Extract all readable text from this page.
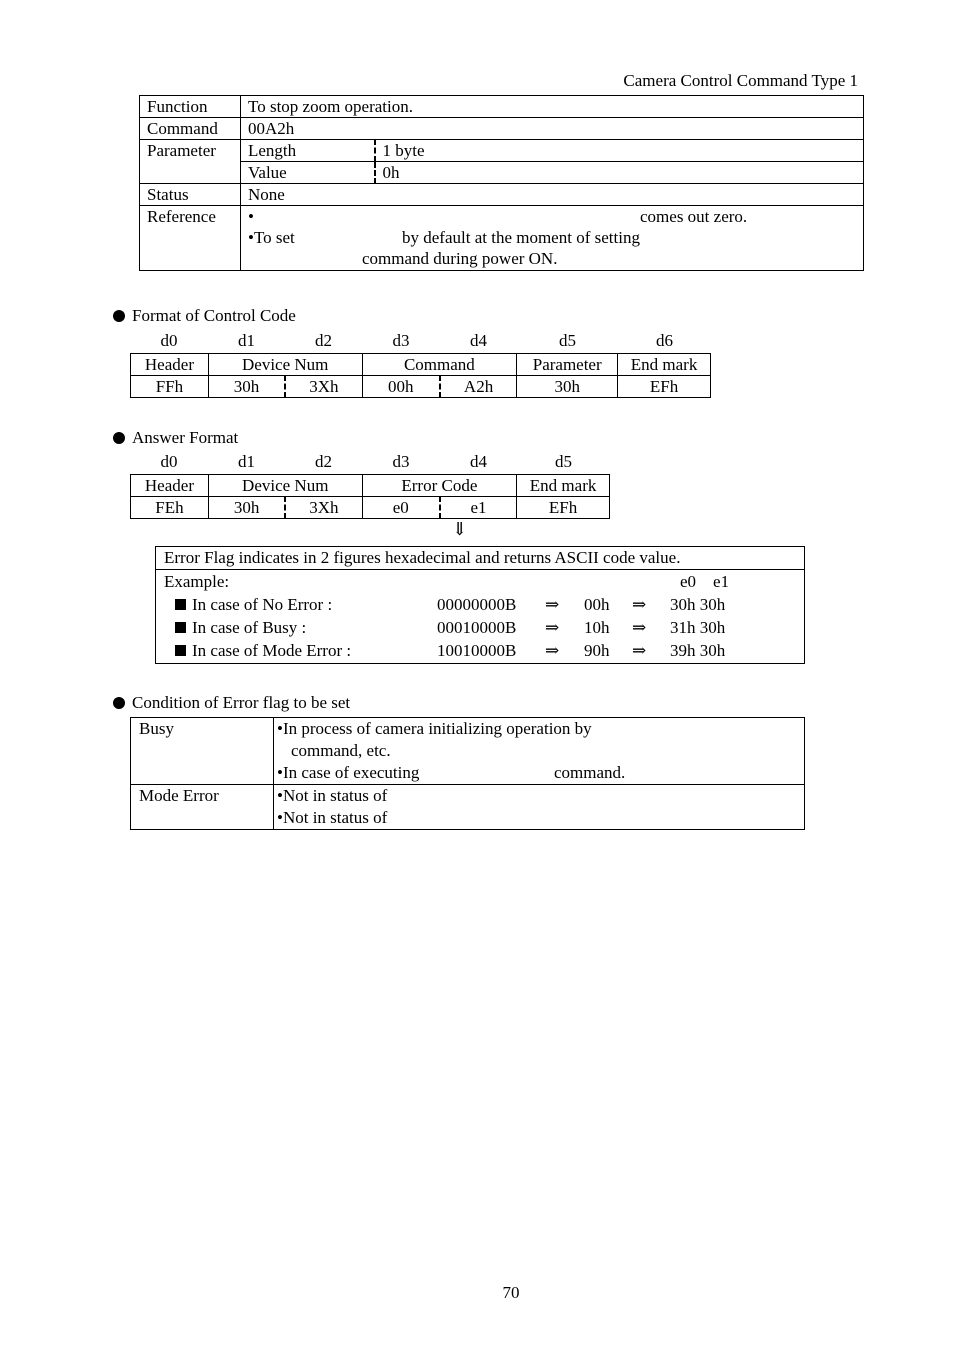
Camera Control Command Type 1
Function	To stop zoom operation.	
Command	00A2h	
Parameter	Length	1 byte
	Value	0h
Status	None	
Reference	• comes out zero.
•To set by default at the moment of setting
command during power ON.	
Format of Control Code
d0	d1	d2	d3	d4	d5	d6
Header	Device Num		Command		Parameter	End mark
FFh	30h	3Xh	00h	A2h	30h	EFh
Answer Format
d0	d1	d2	d3	d4	d5
Header	Device Num		Error Code		End mark
FEh	30h	3Xh	e0	e1	EFh
⇓
Error Flag indicates in 2 figures hexadecimal and returns ASCII code value.
Example:	e0    e1
In case of No Error :	00000000B ⇒ 00h ⇒ 30h 30h
In case of Busy :	00010000B ⇒ 10h ⇒ 31h 30h
In case of Mode Error :	10010000B ⇒ 90h ⇒ 39h 30h
Condition of Error flag to be set
Busy	•In process of camera initializing operation by
command, etc.
•In case of executing command.

Mode Error	•Not in status of
•Not in status of
70
